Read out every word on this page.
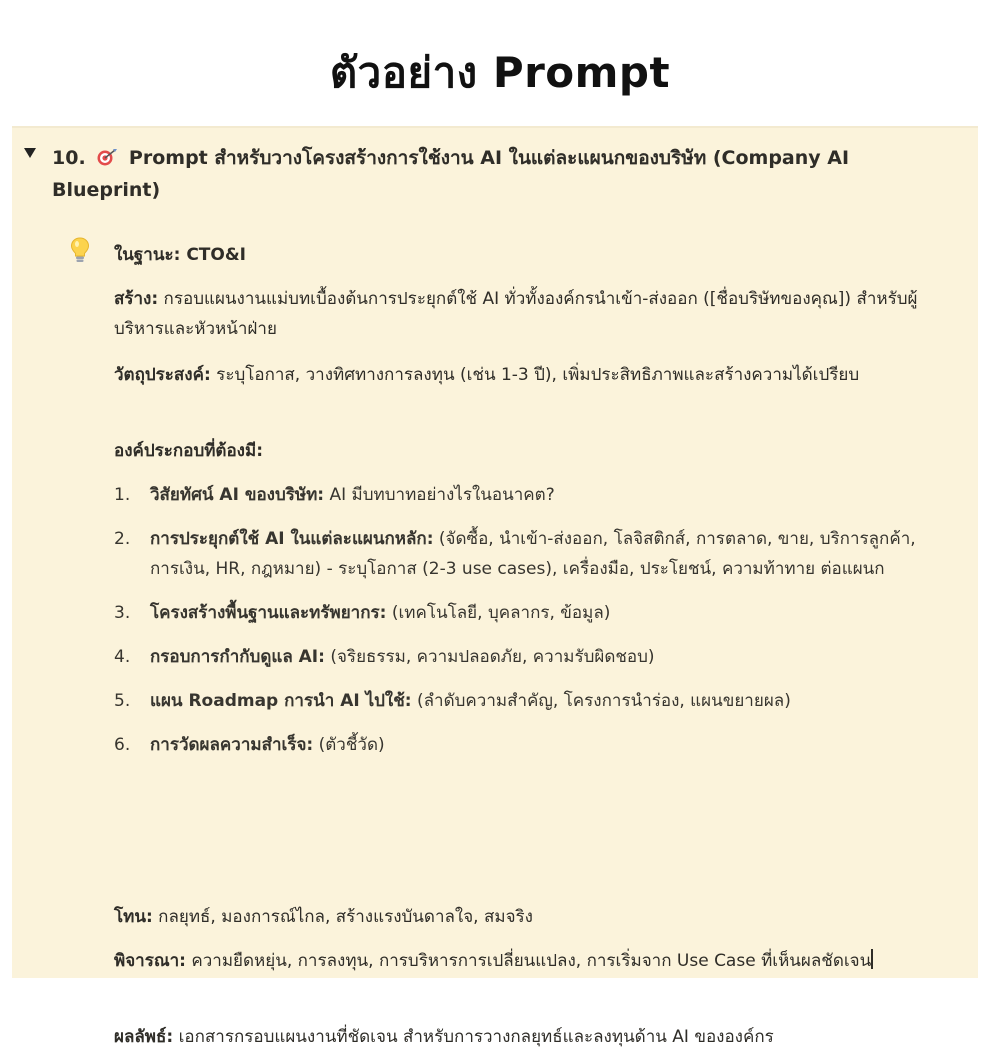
ตัวอย่าง Prompt
10. Prompt สำหรับวางโครงสร้างการใช้งาน AI ในแต่ละแผนกของบริษัท (Company AI Blueprint)
ในฐานะ: CTO&I
สร้าง: กรอบแผนงานแม่บทเบื้องต้นการประยุกต์ใช้ AI ทั่วทั้งองค์กรนำเข้า-ส่งออก ([ชื่อบริษัทของคุณ]) สำหรับผู้บริหารและหัวหน้าฝ่าย
วัตถุประสงค์: ระบุโอกาส, วางทิศทางการลงทุน (เช่น 1-3 ปี), เพิ่มประสิทธิภาพและสร้างความได้เปรียบ
องค์ประกอบที่ต้องมี:
1. วิสัยทัศน์ AI ของบริษัท: AI มีบทบาทอย่างไรในอนาคต?
2. การประยุกต์ใช้ AI ในแต่ละแผนกหลัก: (จัดซื้อ, นำเข้า-ส่งออก, โลจิสติกส์, การตลาด, ขาย, บริการลูกค้า, การเงิน, HR, กฎหมาย) - ระบุโอกาส (2-3 use cases), เครื่องมือ, ประโยชน์, ความท้าทาย ต่อแผนก
3. โครงสร้างพื้นฐานและทรัพยากร: (เทคโนโลยี, บุคลากร, ข้อมูล)
4. กรอบการกำกับดูแล AI: (จริยธรรม, ความปลอดภัย, ความรับผิดชอบ)
5. แผน Roadmap การนำ AI ไปใช้: (ลำดับความสำคัญ, โครงการนำร่อง, แผนขยายผล)
6. การวัดผลความสำเร็จ: (ตัวชี้วัด)
โทน: กลยุทธ์, มองการณ์ไกล, สร้างแรงบันดาลใจ, สมจริง
พิจารณา: ความยืดหยุ่น, การลงทุน, การบริหารการเปลี่ยนแปลง, การเริ่มจาก Use Case ที่เห็นผลชัดเจน
ผลลัพธ์: เอกสารกรอบแผนงานที่ชัดเจน สำหรับการวางกลยุทธ์และลงทุนด้าน AI ขององค์กร
